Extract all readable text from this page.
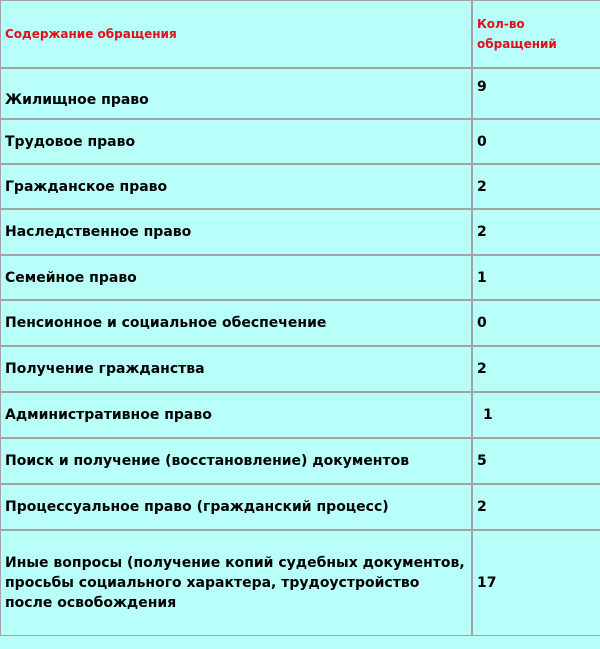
Содержание обращения	Кол-во обращений
Жилищное право	9
Трудовое право	0
Гражданское право	2
Наследственное право	2
Семейное право	1
Пенсионное и социальное обеспечение	0
Получение гражданства	2
Административное право	1
Поиск и получение (восстановление) документов	5
Процессуальное право (гражданский процесс)	2

Иные вопросы (получение копий судебных документов,
просьбы социального характера, трудоустройство после освобождения	17
